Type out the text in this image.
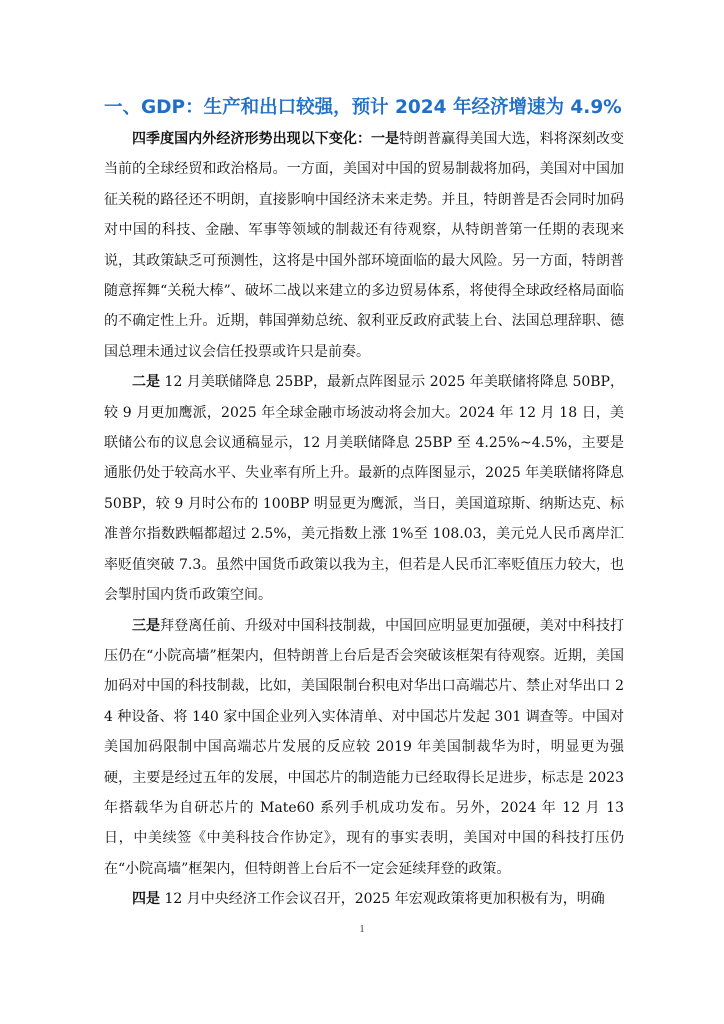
一、GDP：生产和出口较强，预计 2024 年经济增速为 4.9%

四季度国内外经济形势出现以下变化：一是特朗普赢得美国大选，料将深刻改变当前的全球经贸和政治格局。一方面，美国对中国的贸易制裁将加码，美国对中国加征关税的路径还不明朗，直接影响中国经济未来走势。并且，特朗普是否会同时加码对中国的科技、金融、军事等领域的制裁还有待观察，从特朗普第一任期的表现来说，其政策缺乏可预测性，这将是中国外部环境面临的最大风险。另一方面，特朗普随意挥舞“关税大棒”、破坏二战以来建立的多边贸易体系，将使得全球政经格局面临的不确定性上升。近期，韩国弹劾总统、叙利亚反政府武装上台、法国总理辞职、德国总理未通过议会信任投票或许只是前奏。

二是 12 月美联储降息 25BP，最新点阵图显示 2025 年美联储将降息 50BP，较 9 月更加鹰派，2025 年全球金融市场波动将会加大。2024 年 12 月 18 日，美联储公布的议息会议通稿显示，12 月美联储降息 25BP 至 4.25%~4.5%，主要是通胀仍处于较高水平、失业率有所上升。最新的点阵图显示，2025 年美联储将降息 50BP，较 9 月时公布的 100BP 明显更为鹰派，当日，美国道琼斯、纳斯达克、标准普尔指数跌幅都超过 2.5%，美元指数上涨 1%至 108.03，美元兑人民币离岸汇率贬值突破 7.3。虽然中国货币政策以我为主，但若是人民币汇率贬值压力较大，也会掣肘国内货币政策空间。

三是拜登离任前、升级对中国科技制裁，中国回应明显更加强硬，美对中科技打压仍在“小院高墙”框架内，但特朗普上台后是否会突破该框架有待观察。近期，美国加码对中国的科技制裁，比如，美国限制台积电对华出口高端芯片、禁止对华出口 24 种设备、将 140 家中国企业列入实体清单、对中国芯片发起 301 调查等。中国对美国加码限制中国高端芯片发展的反应较 2019 年美国制裁华为时，明显更为强硬，主要是经过五年的发展，中国芯片的制造能力已经取得长足进步，标志是 2023 年搭载华为自研芯片的 Mate60 系列手机成功发布。另外，2024 年 12 月 13 日，中美续签《中美科技合作协定》，现有的事实表明，美国对中国的科技打压仍在“小院高墙”框架内，但特朗普上台后不一定会延续拜登的政策。

四是 12 月中央经济工作会议召开，2025 年宏观政策将更加积极有为，明确

1
